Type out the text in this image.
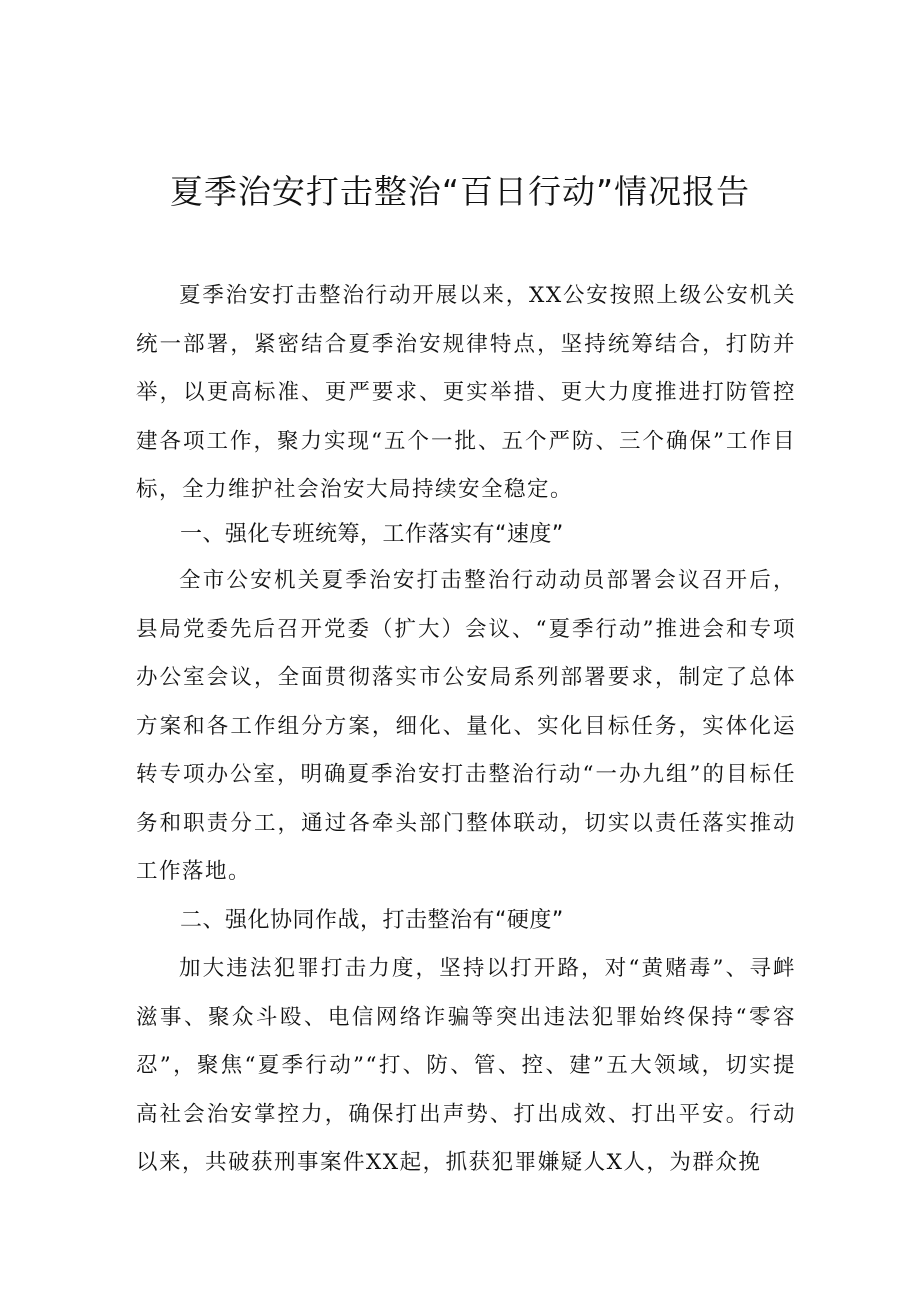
夏季治安打击整治“百日行动”情况报告

夏季治安打击整治行动开展以来，XX公安按照上级公安机关统一部署，紧密结合夏季治安规律特点，坚持统筹结合，打防并举，以更高标准、更严要求、更实举措、更大力度推进打防管控建各项工作，聚力实现“五个一批、五个严防、三个确保”工作目标，全力维护社会治安大局持续安全稳定。

一、强化专班统筹，工作落实有“速度”

全市公安机关夏季治安打击整治行动动员部署会议召开后，县局党委先后召开党委（扩大）会议、“夏季行动”推进会和专项办公室会议，全面贯彻落实市公安局系列部署要求，制定了总体方案和各工作组分方案，细化、量化、实化目标任务，实体化运转专项办公室，明确夏季治安打击整治行动“一办九组”的目标任务和职责分工，通过各牵头部门整体联动，切实以责任落实推动工作落地。

二、强化协同作战，打击整治有“硬度”

加大违法犯罪打击力度，坚持以打开路，对“黄赌毒”、寻衅滋事、聚众斗殴、电信网络诈骗等突出违法犯罪始终保持“零容忍”，聚焦“夏季行动”“打、防、管、控、建”五大领域，切实提高社会治安掌控力，确保打出声势、打出成效、打出平安。行动以来，共破获刑事案件XX起，抓获犯罪嫌疑人X人，为群众挽
